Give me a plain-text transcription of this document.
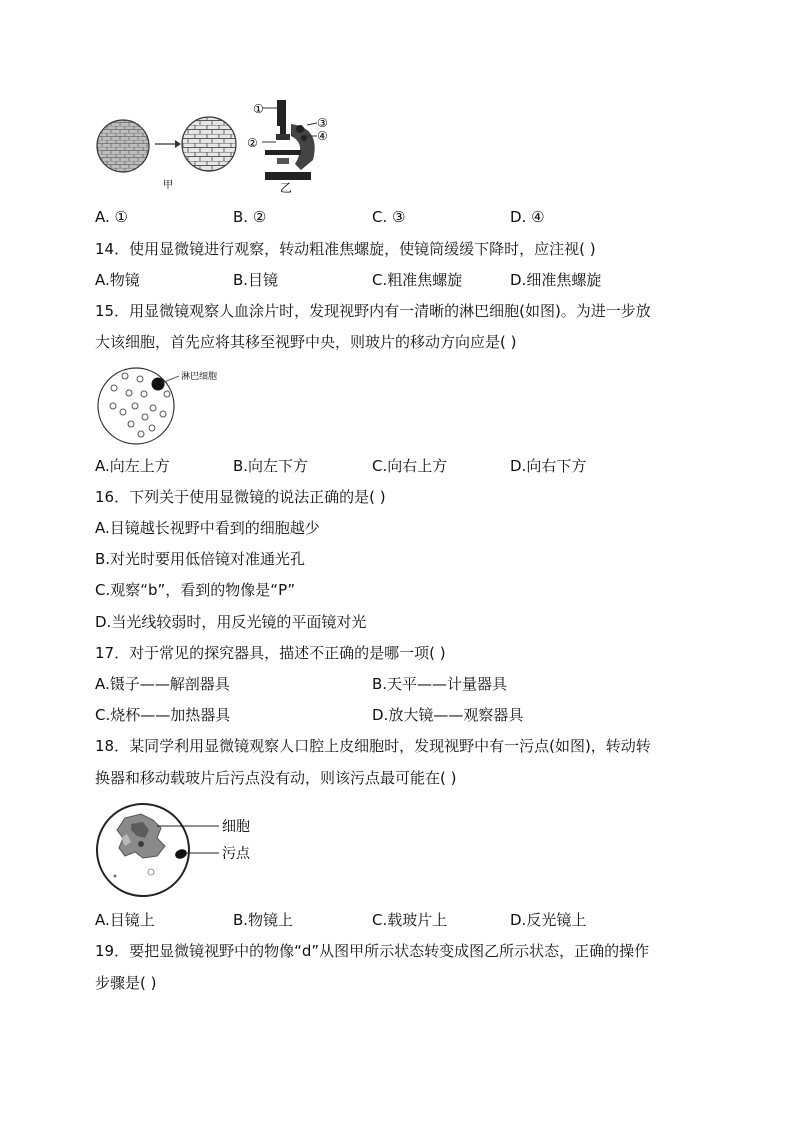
①
②
③
④
甲	乙
A. ①	B. ②	C. ③	D. ④
14．使用显微镜进行观察，转动粗准焦螺旋，使镜筒缓缓下降时，应注视( )
A.物镜	B.目镜	C.粗准焦螺旋	D.细准焦螺旋
15．用显微镜观察人血涂片时，发现视野内有一清晰的淋巴细胞(如图)。为进一步放
大该细胞，首先应将其移至视野中央，则玻片的移动方向应是( )
淋巴细胞
A.向左上方	B.向左下方	C.向右上方	D.向右下方
16．下列关于使用显微镜的说法正确的是( )
A.目镜越长视野中看到的细胞越少
B.对光时要用低倍镜对准通光孔
C.观察“b”，看到的物像是“P”
D.当光线较弱时，用反光镜的平面镜对光
17．对于常见的探究器具，描述不正确的是哪一项( )
A.镊子——解剖器具	B.天平——计量器具
C.烧杯——加热器具	D.放大镜——观察器具
18．某同学利用显微镜观察人口腔上皮细胞时，发现视野中有一污点(如图)，转动转
换器和移动载玻片后污点没有动，则该污点最可能在( )
细胞
污点
A.目镜上	B.物镜上	C.载玻片上	D.反光镜上
19．要把显微镜视野中的物像“d”从图甲所示状态转变成图乙所示状态，正确的操作
步骤是( )
